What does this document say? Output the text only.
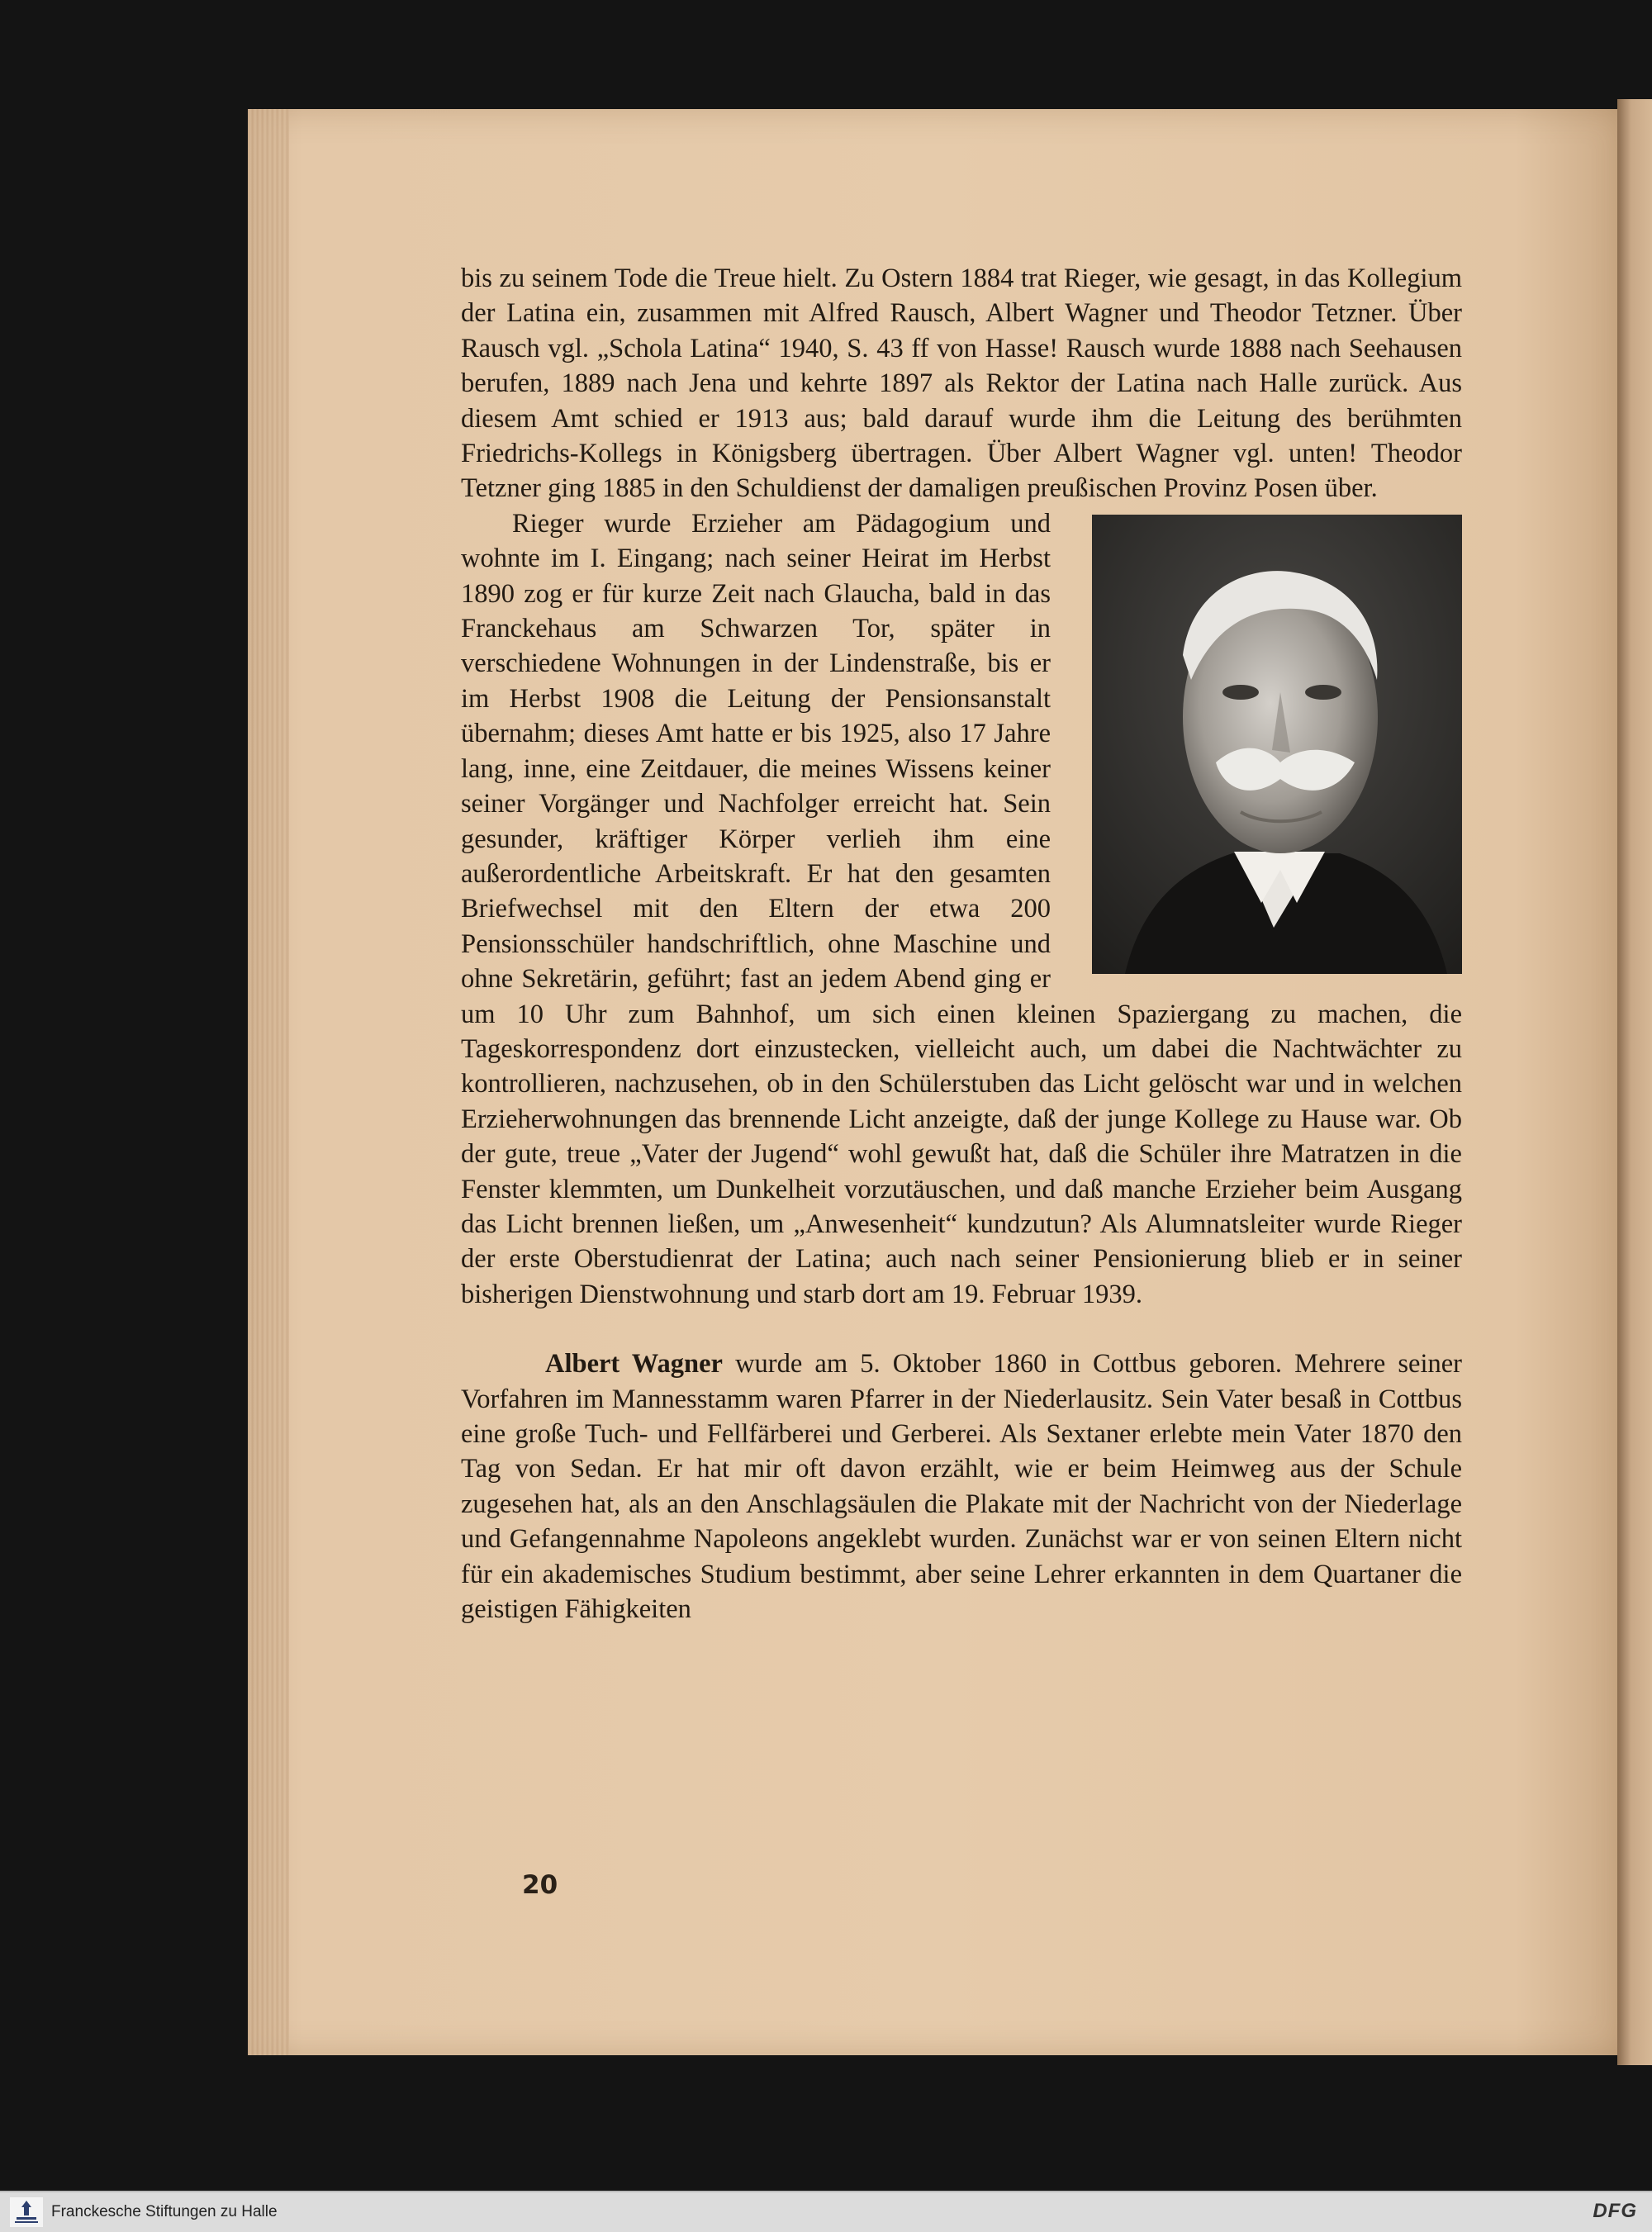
bis zu seinem Tode die Treue hielt. Zu Ostern 1884 trat Rieger, wie gesagt, in das Kollegium der Latina ein, zusammen mit Alfred Rausch, Albert Wagner und Theodor Tetzner. Über Rausch vgl. „Schola Latina“ 1940, S. 43 ff von Hasse! Rausch wurde 1888 nach Seehausen berufen, 1889 nach Jena und kehrte 1897 als Rektor der Latina nach Halle zurück. Aus diesem Amt schied er 1913 aus; bald darauf wurde ihm die Leitung des berühmten Friedrichs-Kollegs in Königsberg übertragen. Über Albert Wagner vgl. unten! Theodor Tetzner ging 1885 in den Schuldienst der damaligen preußischen Provinz Posen über.

Rieger wurde Erzieher am Pädagogium und wohnte im I. Eingang; nach seiner Heirat im Herbst 1890 zog er für kurze Zeit nach Glaucha, bald in das Franckehaus am Schwarzen Tor, später in verschiedene Wohnungen in der Lindenstraße, bis er im Herbst 1908 die Leitung der Pensionsanstalt übernahm; dieses Amt hatte er bis 1925, also 17 Jahre lang, inne, eine Zeitdauer, die meines Wissens keiner seiner Vorgänger und Nachfolger erreicht hat. Sein gesunder, kräftiger Körper verlieh ihm eine außerordentliche Arbeitskraft. Er hat den gesamten Briefwechsel mit den Eltern der etwa 200 Pensionsschüler handschriftlich, ohne Maschine und ohne Sekretärin, geführt; fast an jedem Abend ging er um 10 Uhr zum Bahnhof, um sich einen kleinen Spaziergang zu machen, die Tageskorrespondenz dort einzustecken, vielleicht auch, um dabei die Nachtwächter zu kontrollieren, nachzusehen, ob in den Schülerstuben das Licht gelöscht war und in welchen Erzieherwohnungen das brennende Licht anzeigte, daß der junge Kollege zu Hause war. Ob der gute, treue „Vater der Jugend“ wohl gewußt hat, daß die Schüler ihre Matratzen in die Fenster klemmten, um Dunkelheit vorzutäuschen, und daß manche Erzieher beim Ausgang das Licht brennen ließen, um „Anwesenheit“ kundzutun? Als Alumnatsleiter wurde Rieger der erste Oberstudienrat der Latina; auch nach seiner Pensionierung blieb er in seiner bisherigen Dienstwohnung und starb dort am 19. Februar 1939.

Albert Wagner wurde am 5. Oktober 1860 in Cottbus geboren. Mehrere seiner Vorfahren im Mannesstamm waren Pfarrer in der Niederlausitz. Sein Vater besaß in Cottbus eine große Tuch- und Fellfärberei und Gerberei. Als Sextaner erlebte mein Vater 1870 den Tag von Sedan. Er hat mir oft davon erzählt, wie er beim Heimweg aus der Schule zugesehen hat, als an den Anschlagsäulen die Plakate mit der Nachricht von der Niederlage und Gefangennahme Napoleons angeklebt wurden. Zunächst war er von seinen Eltern nicht für ein akademisches Studium bestimmt, aber seine Lehrer erkannten in dem Quartaner die geistigen Fähigkeiten

20
Franckesche Stiftungen zu Halle	DFG
